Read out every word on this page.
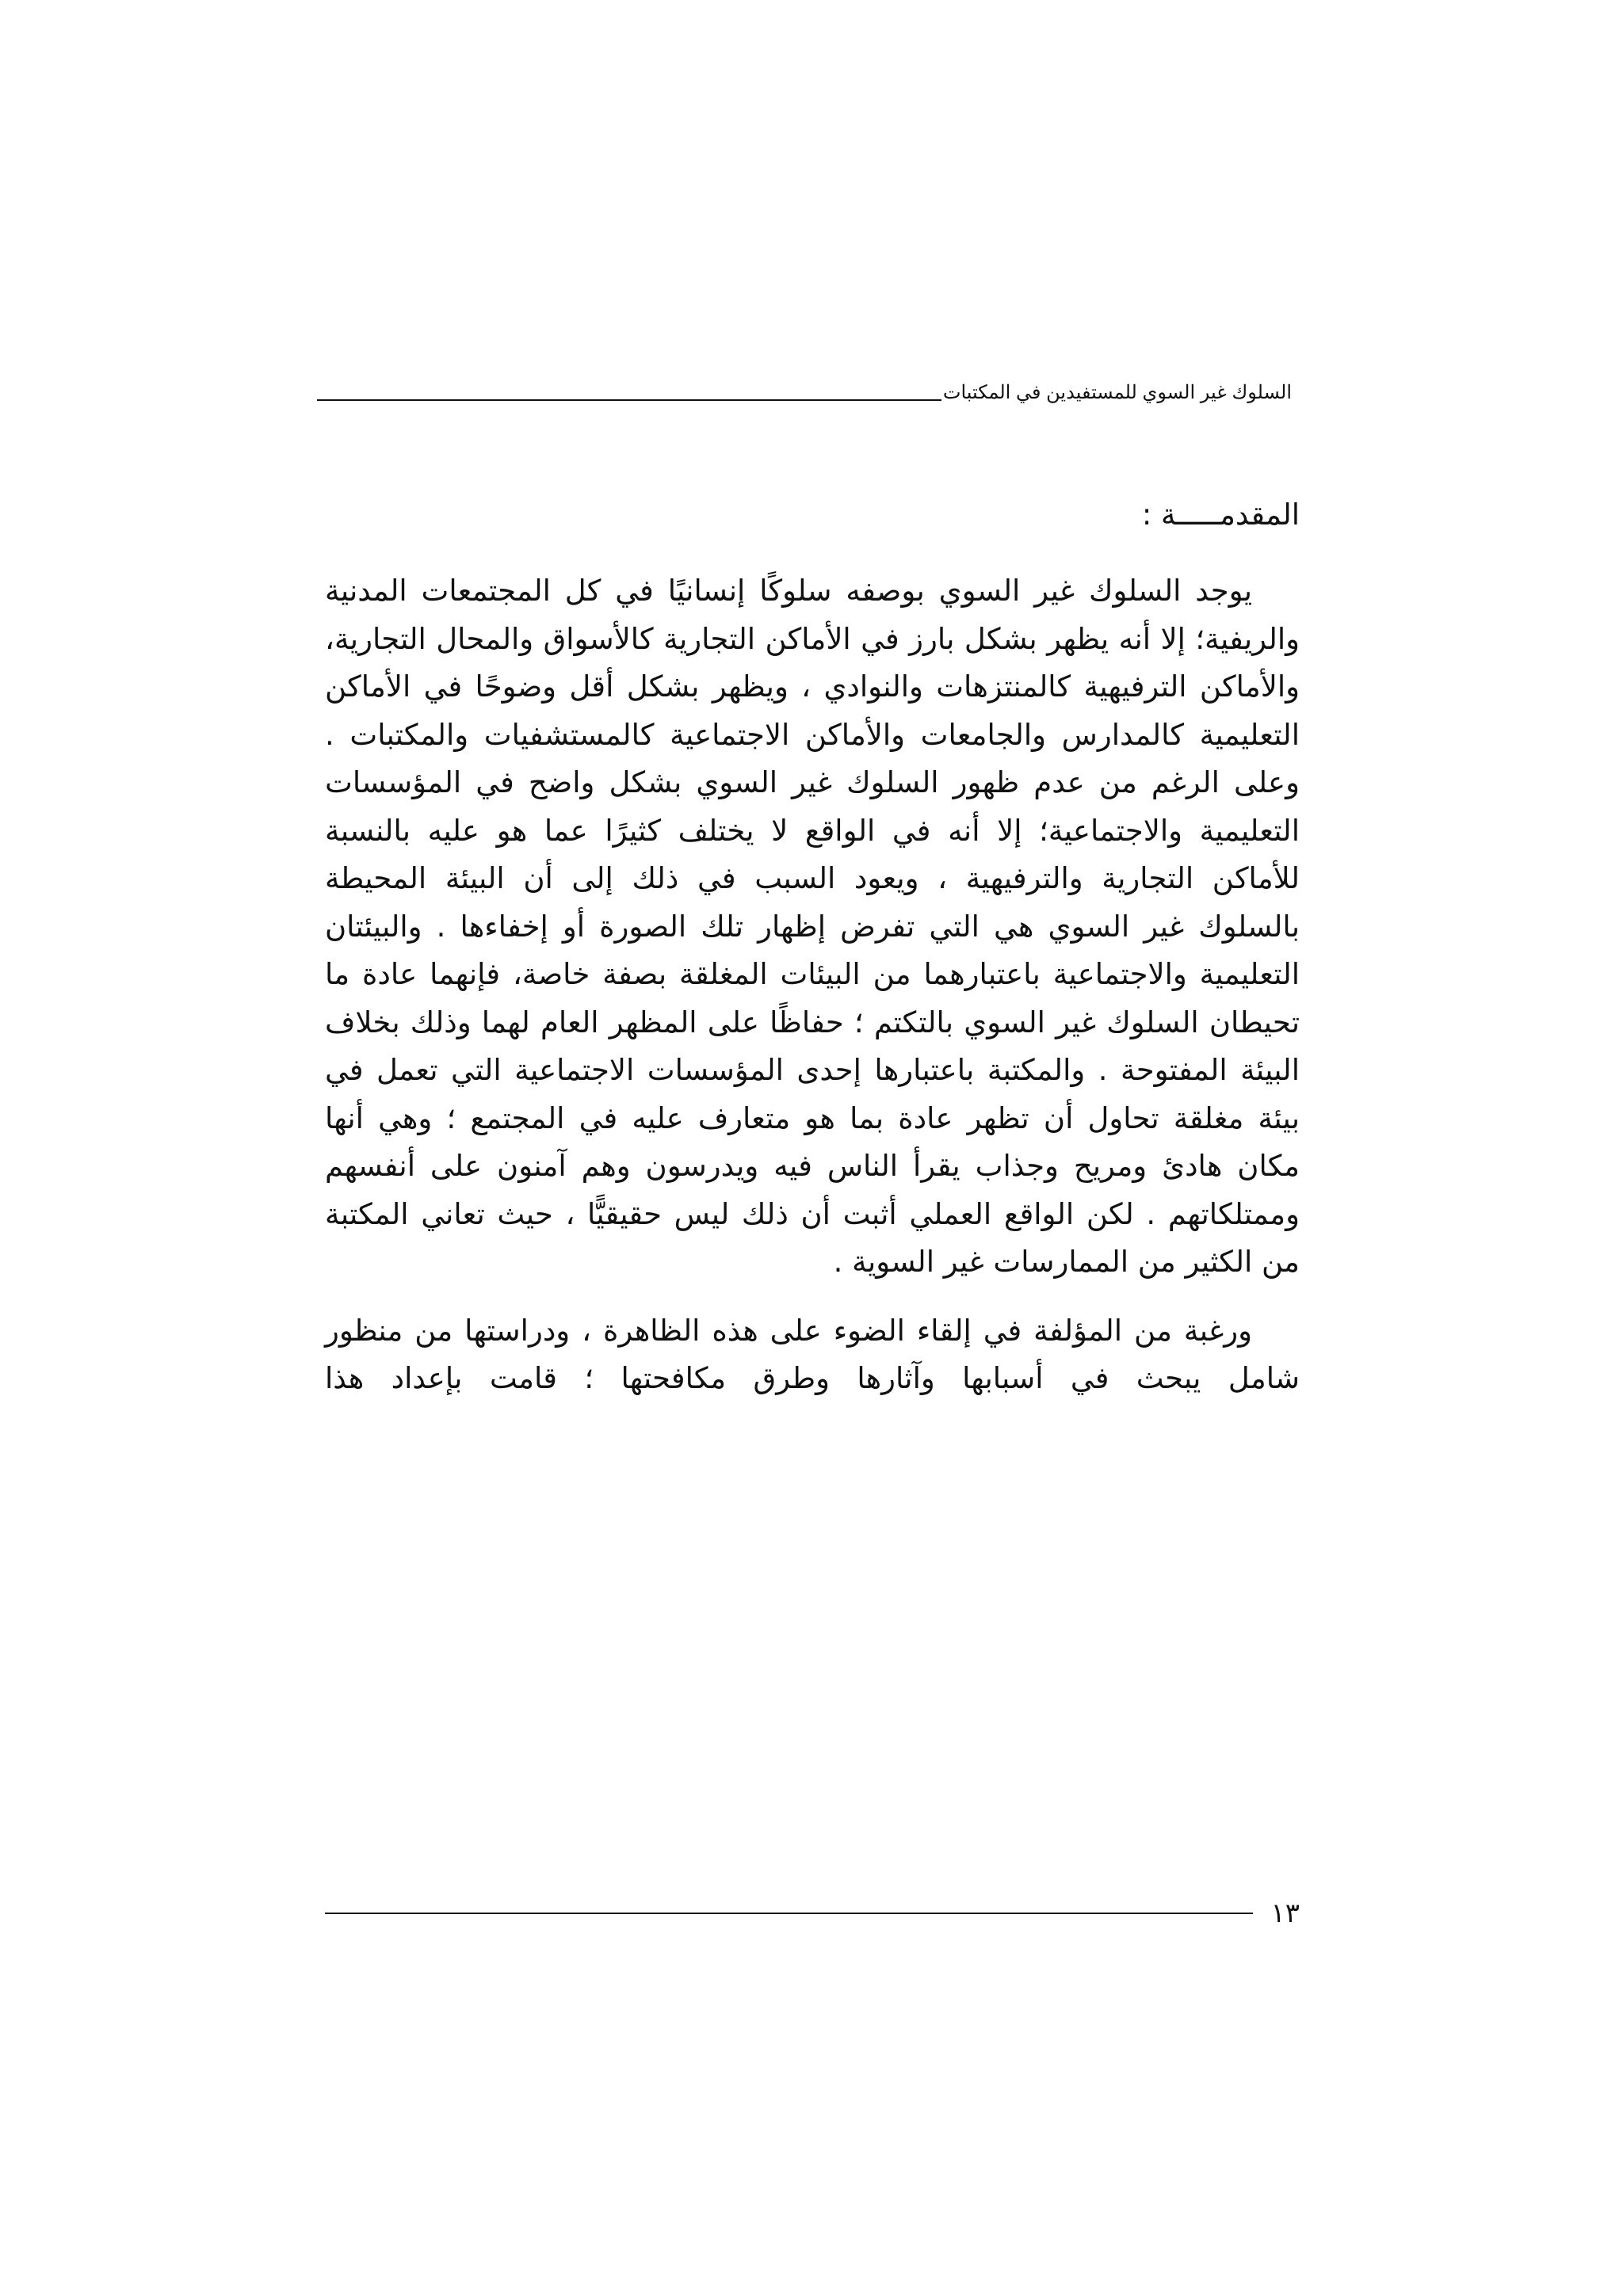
السلوك غير السوي للمستفيدين في المكتبات
المقدمـــــة :

يوجد السلوك غير السوي بوصفه سلوكًا إنسانيًا في كل المجتمعات المدنية والريفية؛ إلا أنه يظهر بشكل بارز في الأماكن التجارية كالأسواق والمحال التجارية، والأماكن الترفيهية كالمنتزهات والنوادي ، ويظهر بشكل أقل وضوحًا في الأماكن التعليمية كالمدارس والجامعات والأماكن الاجتماعية كالمستشفيات والمكتبات . وعلى الرغم من عدم ظهور السلوك غير السوي بشكل واضح في المؤسسات التعليمية والاجتماعية؛ إلا أنه في الواقع لا يختلف كثيرًا عما هو عليه بالنسبة للأماكن التجارية والترفيهية ، ويعود السبب في ذلك إلى أن البيئة المحيطة بالسلوك غير السوي هي التي تفرض إظهار تلك الصورة أو إخفاءها . والبيئتان التعليمية والاجتماعية باعتبارهما من البيئات المغلقة بصفة خاصة، فإنهما عادة ما تحيطان السلوك غير السوي بالتكتم ؛ حفاظًا على المظهر العام لهما وذلك بخلاف البيئة المفتوحة . والمكتبة باعتبارها إحدى المؤسسات الاجتماعية التي تعمل في بيئة مغلقة تحاول أن تظهر عادة بما هو متعارف عليه في المجتمع ؛ وهي أنها مكان هادئ ومريح وجذاب يقرأ الناس فيه ويدرسون وهم آمنون على أنفسهم وممتلكاتهم . لكن الواقع العملي أثبت أن ذلك ليس حقيقيًّا ، حيث تعاني المكتبة من الكثير من الممارسات غير السوية .

ورغبة من المؤلفة في إلقاء الضوء على هذه الظاهرة ، ودراستها من منظور شامل يبحث في أسبابها وآثارها وطرق مكافحتها ؛ قامت بإعداد هذا

١٣
